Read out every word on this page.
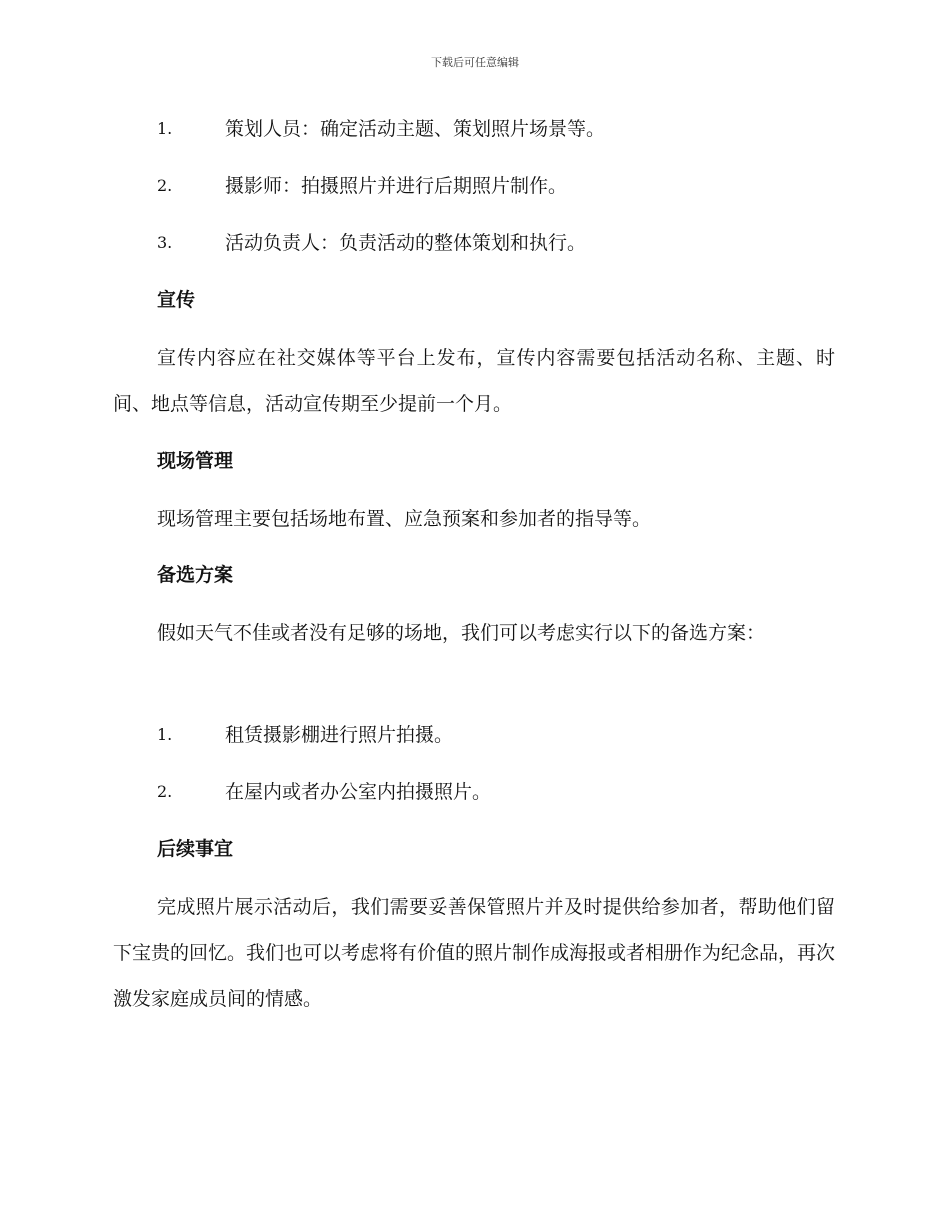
下载后可任意编辑
1.	策划人员：确定活动主题、策划照片场景等。
2.	摄影师：拍摄照片并进行后期照片制作。
3.	活动负责人：负责活动的整体策划和执行。
宣传

宣传内容应在社交媒体等平台上发布，宣传内容需要包括活动名称、主题、时间、地点等信息，活动宣传期至少提前一个月。

现场管理

现场管理主要包括场地布置、应急预案和参加者的指导等。

备选方案

假如天气不佳或者没有足够的场地，我们可以考虑实行以下的备选方案：

1.	租赁摄影棚进行照片拍摄。
2.	在屋内或者办公室内拍摄照片。
后续事宜

完成照片展示活动后，我们需要妥善保管照片并及时提供给参加者，帮助他们留下宝贵的回忆。我们也可以考虑将有价值的照片制作成海报或者相册作为纪念品，再次激发家庭成员间的情感。
